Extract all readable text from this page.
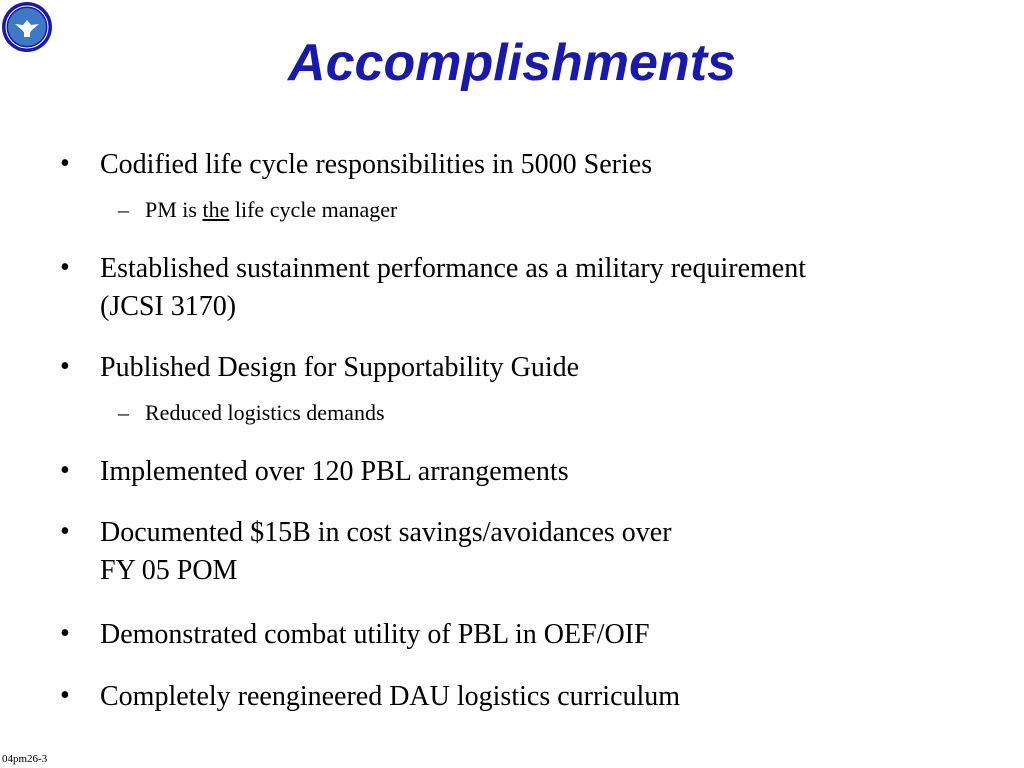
Accomplishments
• Codified life cycle responsibilities in 5000 Series
– PM is the life cycle manager
• Established sustainment performance as a military requirement
(JCSI 3170)
• Published Design for Supportability Guide
– Reduced logistics demands
• Implemented over 120 PBL arrangements
• Documented $15B in cost savings/avoidances over
FY 05 POM
• Demonstrated combat utility of PBL in OEF/OIF
• Completely reengineered DAU logistics curriculum
04pm26-3
